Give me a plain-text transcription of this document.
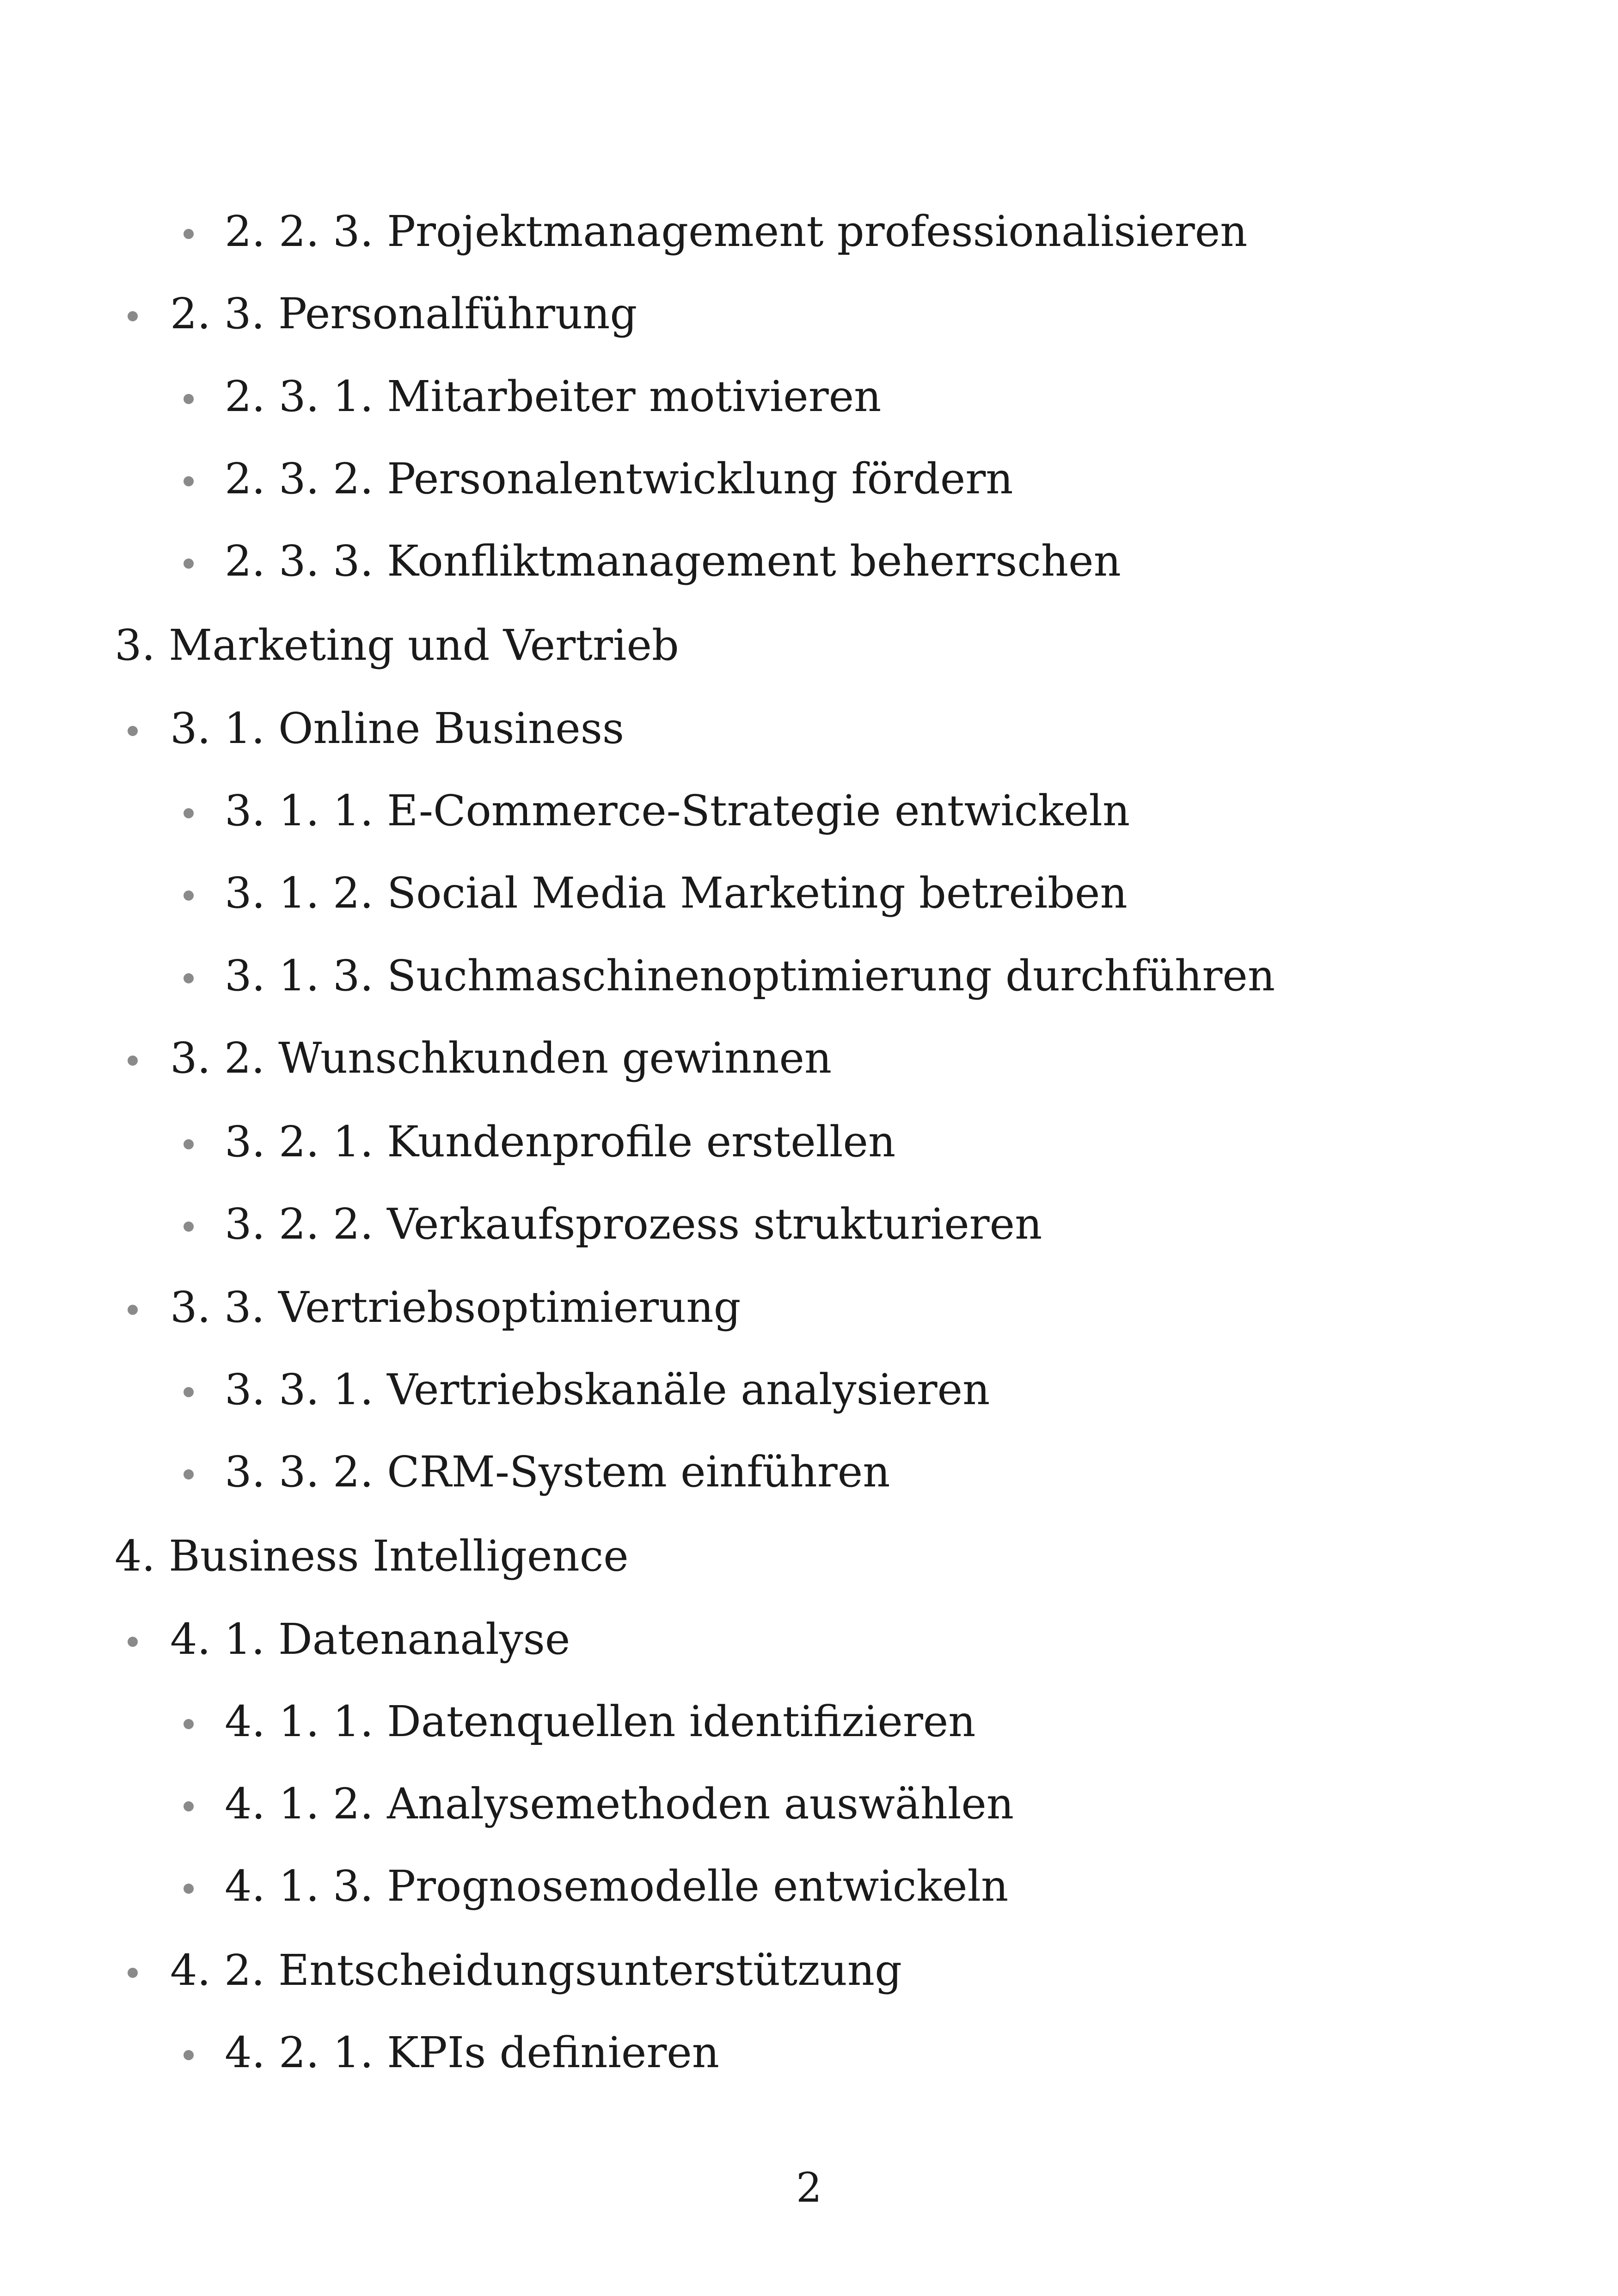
2. 2. 3. Projektmanagement professionalisieren
2. 3. Personalführung
2. 3. 1. Mitarbeiter motivieren
2. 3. 2. Personalentwicklung fördern
2. 3. 3. Konfliktmanagement beherrschen
3. Marketing und Vertrieb
3. 1. Online Business
3. 1. 1. E-Commerce-Strategie entwickeln
3. 1. 2. Social Media Marketing betreiben
3. 1. 3. Suchmaschinenoptimierung durchführen
3. 2. Wunschkunden gewinnen
3. 2. 1. Kundenprofile erstellen
3. 2. 2. Verkaufsprozess strukturieren
3. 3. Vertriebsoptimierung
3. 3. 1. Vertriebskanäle analysieren
3. 3. 2. CRM-System einführen
4. Business Intelligence
4. 1. Datenanalyse
4. 1. 1. Datenquellen identifizieren
4. 1. 2. Analysemethoden auswählen
4. 1. 3. Prognosemodelle entwickeln
4. 2. Entscheidungsunterstützung
4. 2. 1. KPIs definieren
2
